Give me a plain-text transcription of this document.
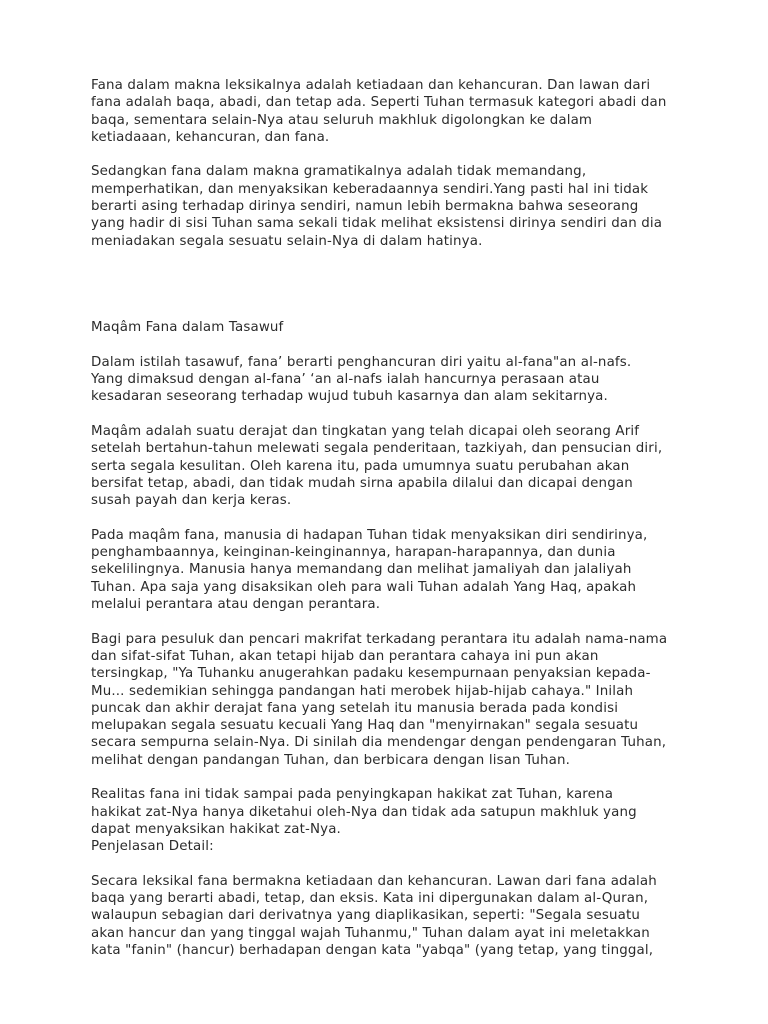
Fana dalam makna leksikalnya adalah ketiadaan dan kehancuran. Dan lawan dari
fana adalah baqa, abadi, dan tetap ada. Seperti Tuhan termasuk kategori abadi dan
baqa, sementara selain-Nya atau seluruh makhluk digolongkan ke dalam
ketiadaaan, kehancuran, dan fana.

Sedangkan fana dalam makna gramatikalnya adalah tidak memandang,
memperhatikan, dan menyaksikan keberadaannya sendiri.Yang pasti hal ini tidak
berarti asing terhadap dirinya sendiri, namun lebih bermakna bahwa seseorang
yang hadir di sisi Tuhan sama sekali tidak melihat eksistensi dirinya sendiri dan dia
meniadakan segala sesuatu selain-Nya di dalam hatinya.

Maqâm Fana dalam Tasawuf

Dalam istilah tasawuf, fana’ berarti penghancuran diri yaitu al-fana"an al-nafs.
Yang dimaksud dengan al-fana’ ‘an al-nafs ialah hancurnya perasaan atau
kesadaran seseorang terhadap wujud tubuh kasarnya dan alam sekitarnya.

Maqâm adalah suatu derajat dan tingkatan yang telah dicapai oleh seorang Arif
setelah bertahun-tahun melewati segala penderitaan, tazkiyah, dan pensucian diri,
serta segala kesulitan. Oleh karena itu, pada umumnya suatu perubahan akan
bersifat tetap, abadi, dan tidak mudah sirna apabila dilalui dan dicapai dengan
susah payah dan kerja keras.

Pada maqâm fana, manusia di hadapan Tuhan tidak menyaksikan diri sendirinya,
penghambaannya, keinginan-keinginannya, harapan-harapannya, dan dunia
sekelilingnya. Manusia hanya memandang dan melihat jamaliyah dan jalaliyah
Tuhan. Apa saja yang disaksikan oleh para wali Tuhan adalah Yang Haq, apakah
melalui perantara atau dengan perantara.

Bagi para pesuluk dan pencari makrifat terkadang perantara itu adalah nama-nama
dan sifat-sifat Tuhan, akan tetapi hijab dan perantara cahaya ini pun akan
tersingkap, "Ya Tuhanku anugerahkan padaku kesempurnaan penyaksian kepada-
Mu... sedemikian sehingga pandangan hati merobek hijab-hijab cahaya." Inilah
puncak dan akhir derajat fana yang setelah itu manusia berada pada kondisi
melupakan segala sesuatu kecuali Yang Haq dan "menyirnakan" segala sesuatu
secara sempurna selain-Nya. Di sinilah dia mendengar dengan pendengaran Tuhan,
melihat dengan pandangan Tuhan, dan berbicara dengan lisan Tuhan.

Realitas fana ini tidak sampai pada penyingkapan hakikat zat Tuhan, karena
hakikat zat-Nya hanya diketahui oleh-Nya dan tidak ada satupun makhluk yang
dapat menyaksikan hakikat zat-Nya.

Penjelasan Detail:

Secara leksikal fana bermakna ketiadaan dan kehancuran. Lawan dari fana adalah
baqa yang berarti abadi, tetap, dan eksis. Kata ini dipergunakan dalam al-Quran,
walaupun sebagian dari derivatnya yang diaplikasikan, seperti: "Segala sesuatu
akan hancur dan yang tinggal wajah Tuhanmu," Tuhan dalam ayat ini meletakkan
kata "fanin" (hancur) berhadapan dengan kata "yabqa" (yang tetap, yang tinggal,
